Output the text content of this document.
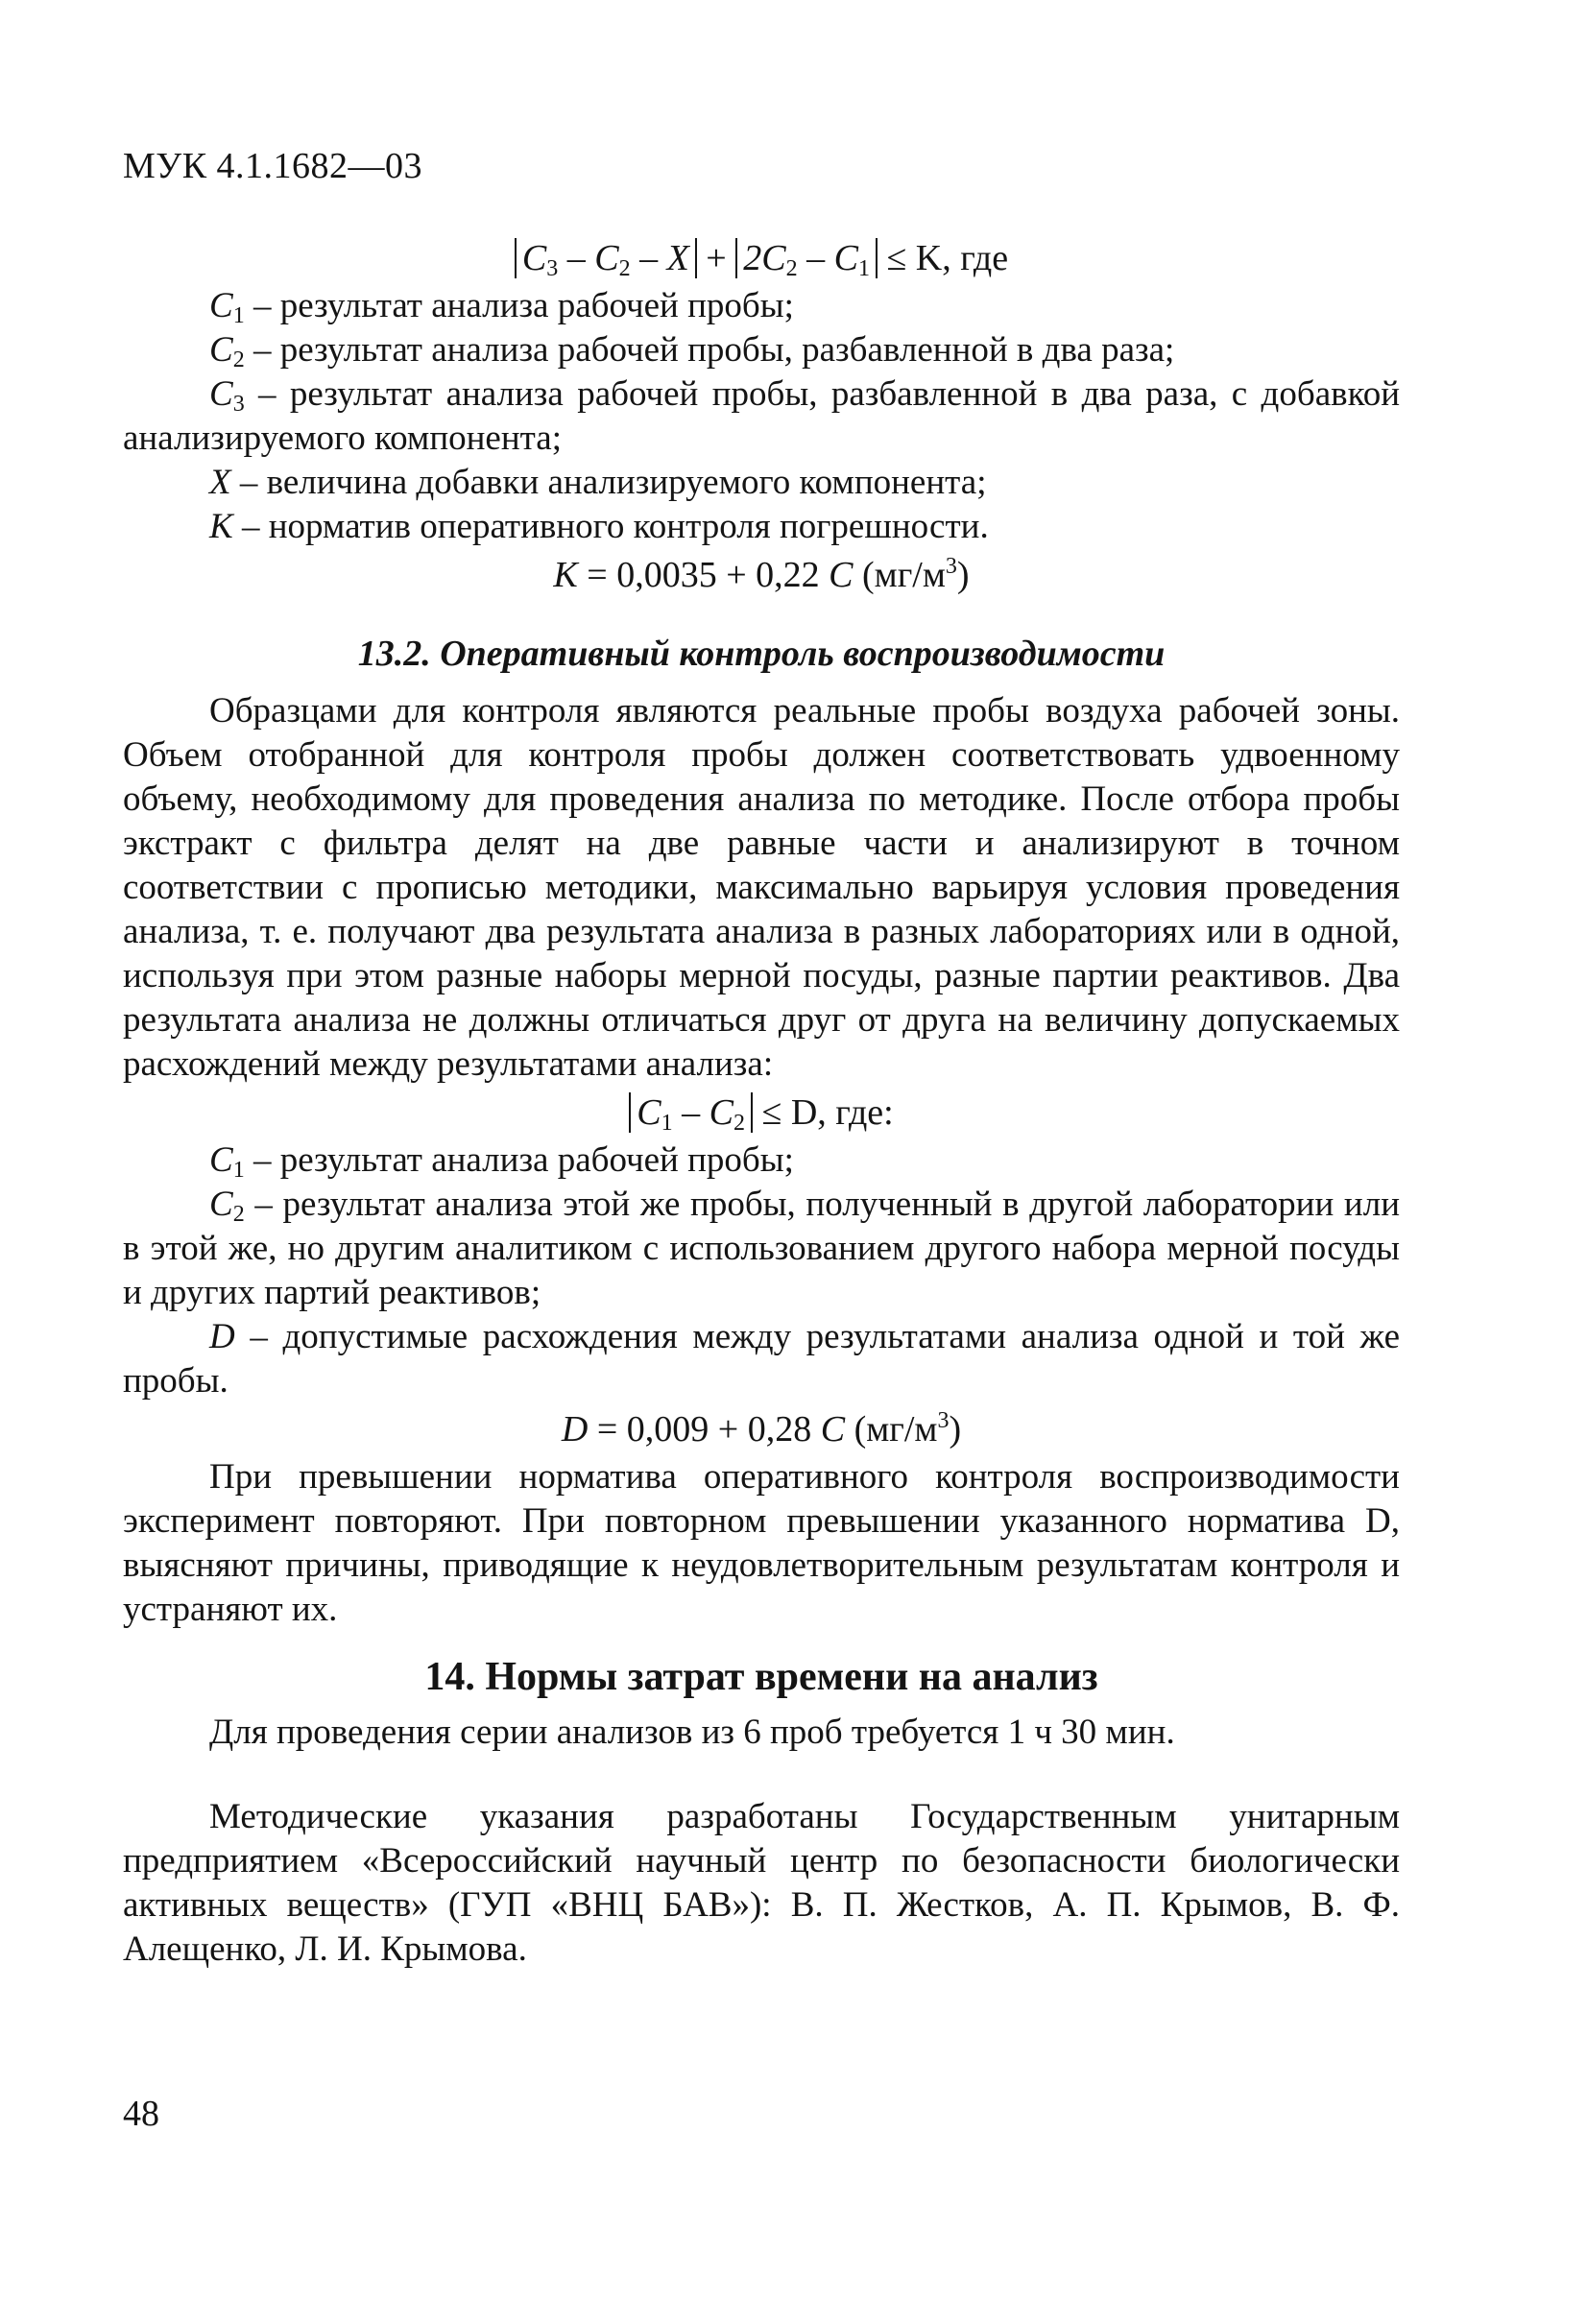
МУК 4.1.1682—03
$C_3 - C_2 - X + 2C_2 - C_1 \le K$, где

$C_1$ – результат анализа рабочей пробы;

$C_2$ – результат анализа рабочей пробы, разбавленной в два раза;

$C_3$ – результат анализа рабочей пробы, разбавленной в два раза, с добавкой анализируемого компонента;

X – величина добавки анализируемого компонента;

K – норматив оперативного контроля погрешности.

K = 0,0035 + 0,22 C $(мг/м^3)$
13.2. Оперативный контроль воспроизводимости

Образцами для контроля являются реальные пробы воздуха рабочей зоны. Объем отобранной для контроля пробы должен соответствовать удвоенному объему, необходимому для проведения анализа по методике. После отбора пробы экстракт с фильтра делят на две равные части и анализируют в точном соответствии с прописью методики, максимально варьируя условия проведения анализа, т. е. получают два результата анализа в разных лабораториях или в одной, используя при этом разные наборы мерной посуды, разные партии реактивов. Два результата анализа не должны отличаться друг от друга на величину допускаемых расхождений между результатами анализа:

$C_1 - C_2 \le D$, где:

$C_1$ – результат анализа рабочей пробы;

$C_2$ – результат анализа этой же пробы, полученный в другой лаборатории или в этой же, но другим аналитиком с использованием другого набора мерной посуды и других партий реактивов;

D – допустимые расхождения между результатами анализа одной и той же пробы.

D = 0,009 + 0,28 C $(мг/м^3)$

При превышении норматива оперативного контроля воспроизводимости эксперимент повторяют. При повторном превышении указанного норматива D, выясняют причины, приводящие к неудовлетворительным результатам контроля и устраняют их.

14. Нормы затрат времени на анализ

Для проведения серии анализов из 6 проб требуется 1 ч 30 мин.

Методические указания разработаны Государственным унитарным предприятием «Всероссийский научный центр по безопасности биологически активных веществ» (ГУП «ВНЦ БАВ»): В. П. Жестков, А. П. Крымов, В. Ф. Алещенко, Л. И. Крымова.

48
